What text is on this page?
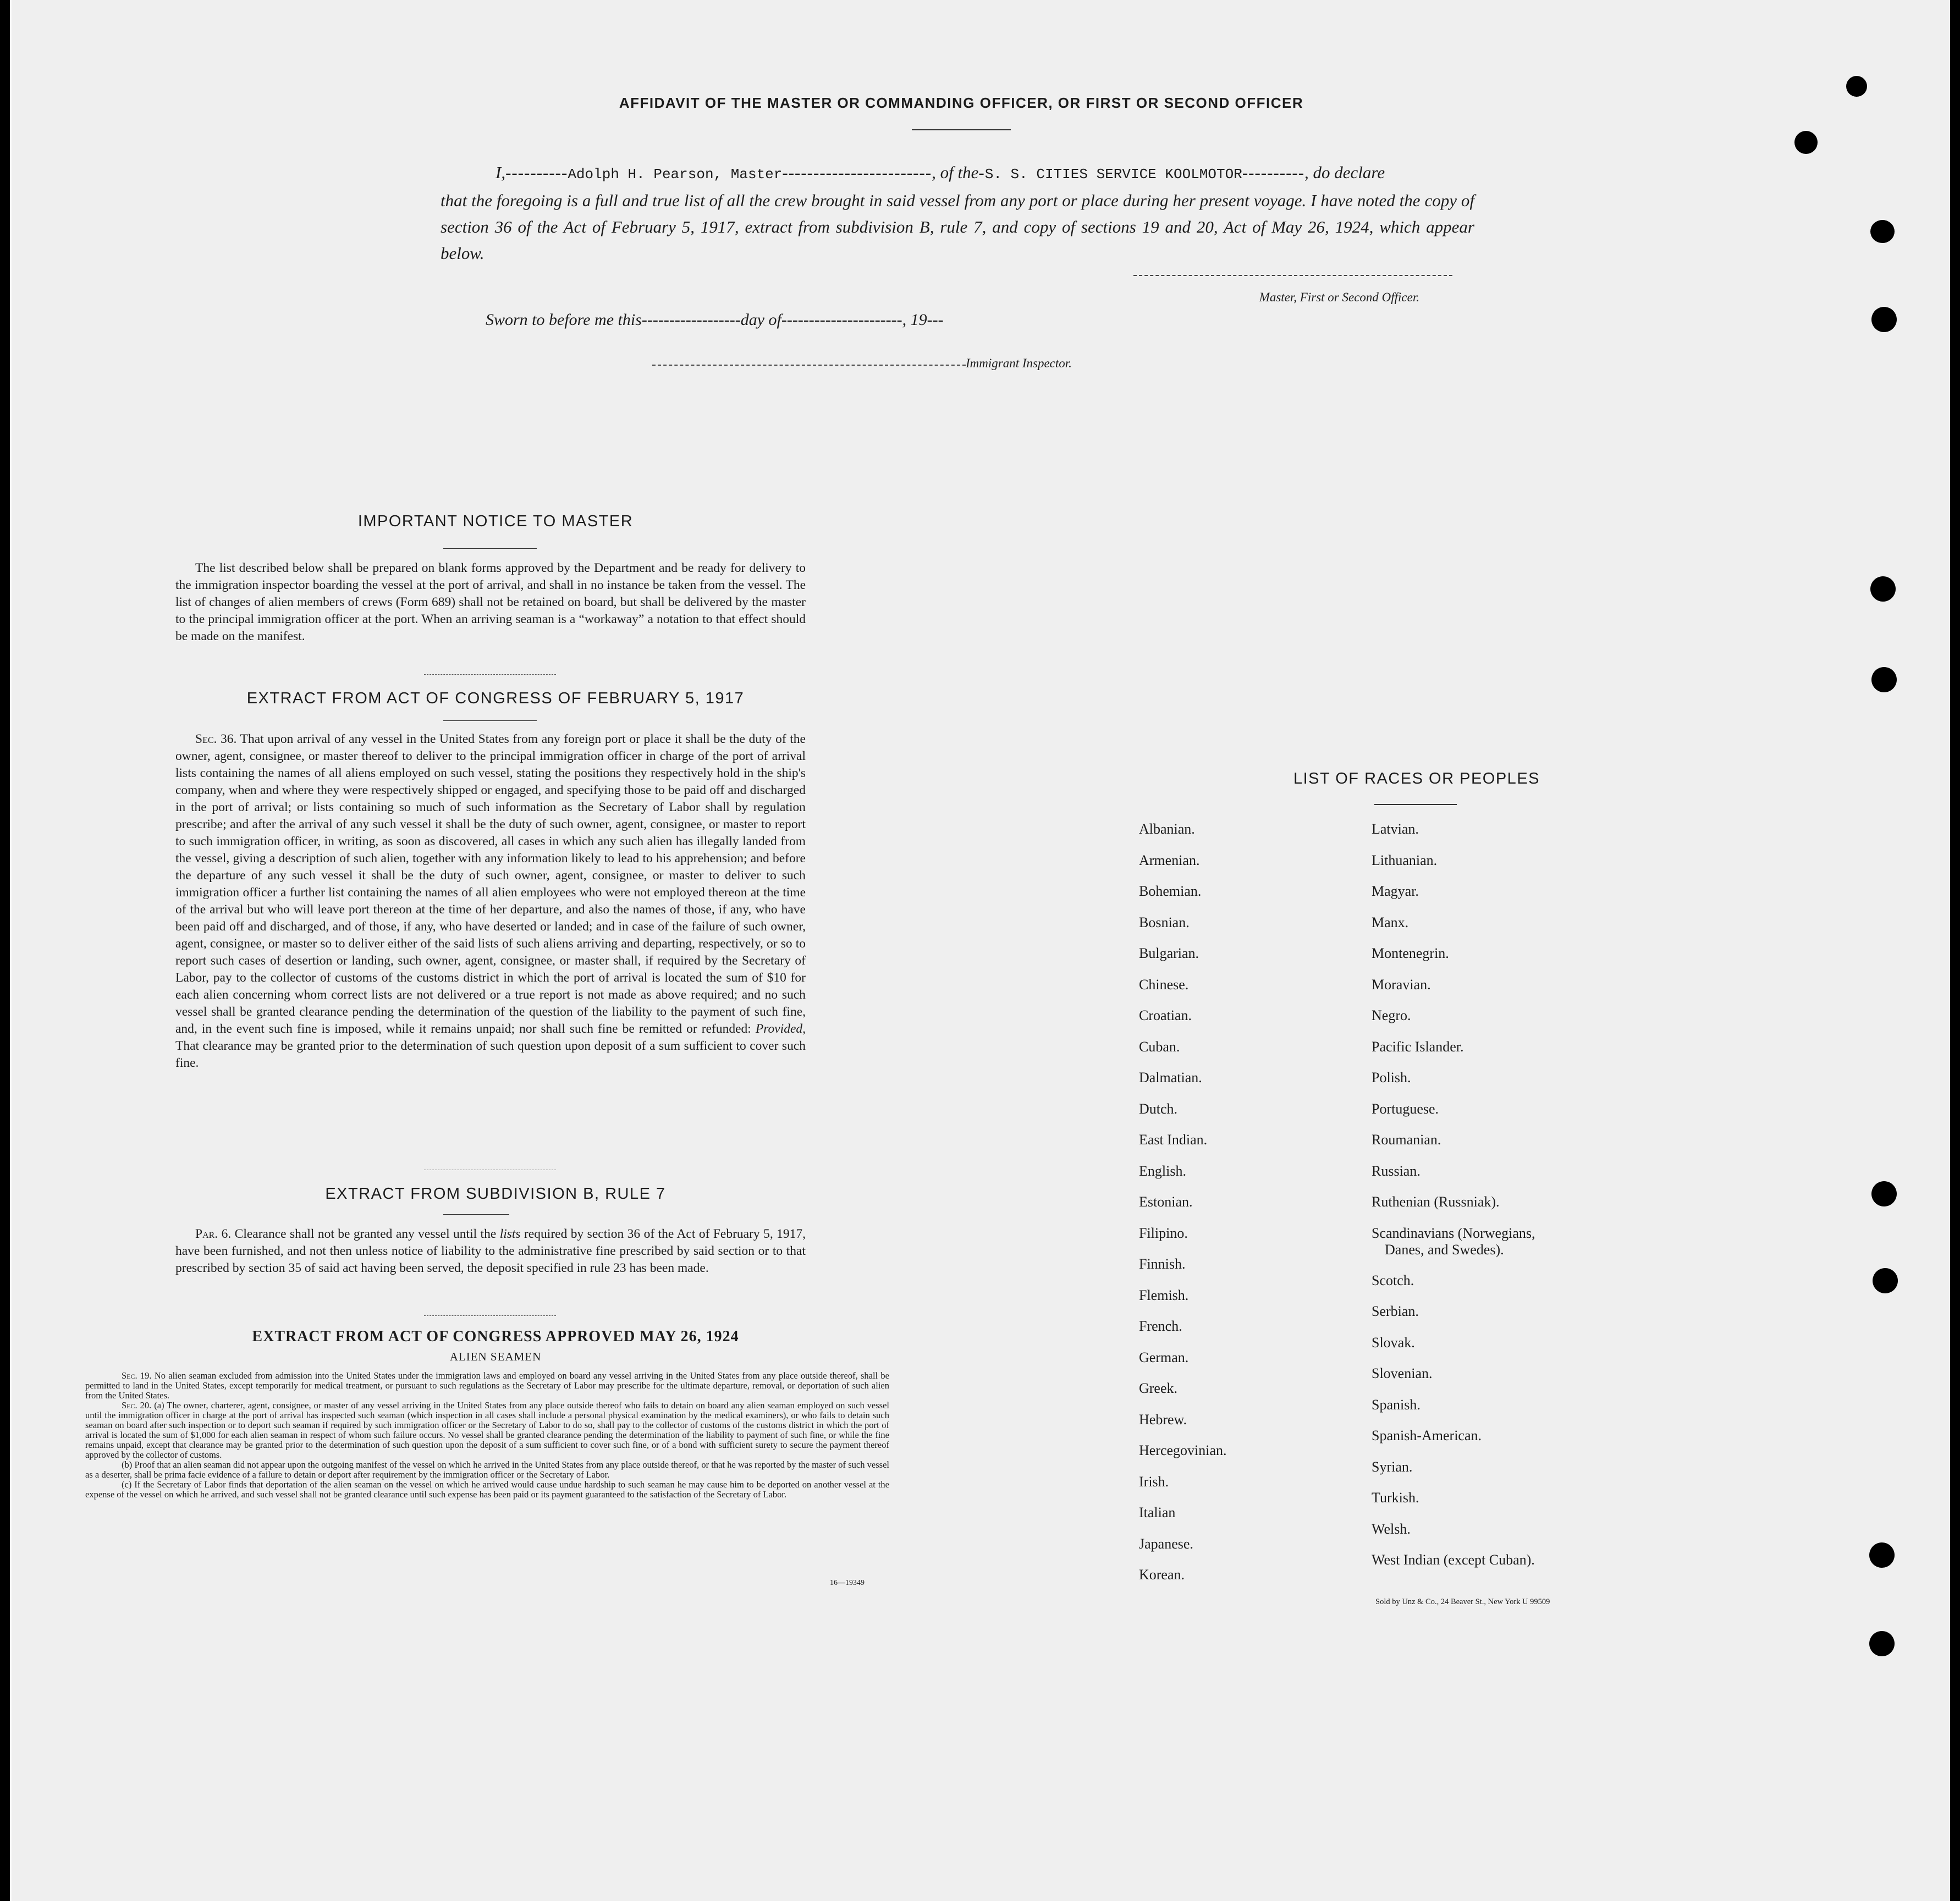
AFFIDAVIT OF THE MASTER OR COMMANDING OFFICER, OR FIRST OR SECOND OFFICER
I,----------Adolph H. Pearson, Master------------------------, of the-S. S. CITIES SERVICE KOOLMOTOR----------, do declare
that the foregoing is a full and true list of all the crew brought in said vessel from any port or place during her present voyage. I have noted the copy of section 36 of the Act of February 5, 1917, extract from subdivision B, rule 7, and copy of sections 19 and 20, Act of May 26, 1924, which appear below.
Master, First or Second Officer.
Sworn to before me this------------------day of----------------------, 19---
Immigrant Inspector.
IMPORTANT NOTICE TO MASTER
The list described below shall be prepared on blank forms approved by the Department and be ready for delivery to the immigration inspector boarding the vessel at the port of arrival, and shall in no instance be taken from the vessel. The list of changes of alien members of crews (Form 689) shall not be retained on board, but shall be delivered by the master to the principal immigration officer at the port. When an arriving seaman is a “workaway” a notation to that effect should be made on the manifest.
EXTRACT FROM ACT OF CONGRESS OF FEBRUARY 5, 1917
Sec. 36. That upon arrival of any vessel in the United States from any foreign port or place it shall be the duty of the owner, agent, consignee, or master thereof to deliver to the principal immigration officer in charge of the port of arrival lists containing the names of all aliens employed on such vessel, stating the positions they respectively hold in the ship's company, when and where they were respectively shipped or engaged, and specifying those to be paid off and discharged in the port of arrival; or lists containing so much of such information as the Secretary of Labor shall by regulation prescribe; and after the arrival of any such vessel it shall be the duty of such owner, agent, consignee, or master to report to such immigration officer, in writing, as soon as discovered, all cases in which any such alien has illegally landed from the vessel, giving a description of such alien, together with any information likely to lead to his apprehension; and before the departure of any such vessel it shall be the duty of such owner, agent, consignee, or master to deliver to such immigration officer a further list containing the names of all alien employees who were not employed thereon at the time of the arrival but who will leave port thereon at the time of her departure, and also the names of those, if any, who have been paid off and discharged, and of those, if any, who have deserted or landed; and in case of the failure of such owner, agent, consignee, or master so to deliver either of the said lists of such aliens arriving and departing, respectively, or so to report such cases of desertion or landing, such owner, agent, consignee, or master shall, if required by the Secretary of Labor, pay to the collector of customs of the customs district in which the port of arrival is located the sum of $10 for each alien concerning whom correct lists are not delivered or a true report is not made as above required; and no such vessel shall be granted clearance pending the determination of the question of the liability to the payment of such fine, and, in the event such fine is imposed, while it remains unpaid; nor shall such fine be remitted or refunded: Provided, That clearance may be granted prior to the determination of such question upon deposit of a sum sufficient to cover such fine.
EXTRACT FROM SUBDIVISION B, RULE 7
Par. 6. Clearance shall not be granted any vessel until the lists required by section 36 of the Act of February 5, 1917, have been furnished, and not then unless notice of liability to the administrative fine prescribed by said section or to that prescribed by section 35 of said act having been served, the deposit specified in rule 23 has been made.
EXTRACT FROM ACT OF CONGRESS APPROVED MAY 26, 1924
ALIEN SEAMEN
Sec. 19. No alien seaman excluded from admission into the United States under the immigration laws and employed on board any vessel arriving in the United States from any place outside thereof, shall be permitted to land in the United States, except temporarily for medical treatment, or pursuant to such regulations as the Secretary of Labor may prescribe for the ultimate departure, removal, or deportation of such alien from the United States.
Sec. 20. (a) The owner, charterer, agent, consignee, or master of any vessel arriving in the United States from any place outside thereof who fails to detain on board any alien seaman employed on such vessel until the immigration officer in charge at the port of arrival has inspected such seaman (which inspection in all cases shall include a personal physical examination by the medical examiners), or who fails to detain such seaman on board after such inspection or to deport such seaman if required by such immigration officer or the Secretary of Labor to do so, shall pay to the collector of customs of the customs district in which the port of arrival is located the sum of $1,000 for each alien seaman in respect of whom such failure occurs. No vessel shall be granted clearance pending the determination of the liability to payment of such fine, or while the fine remains unpaid, except that clearance may be granted prior to the determination of such question upon the deposit of a sum sufficient to cover such fine, or of a bond with sufficient surety to secure the payment thereof approved by the collector of customs.
(b) Proof that an alien seaman did not appear upon the outgoing manifest of the vessel on which he arrived in the United States from any place outside thereof, or that he was reported by the master of such vessel as a deserter, shall be prima facie evidence of a failure to detain or deport after requirement by the immigration officer or the Secretary of Labor.
(c) If the Secretary of Labor finds that deportation of the alien seaman on the vessel on which he arrived would cause undue hardship to such seaman he may cause him to be deported on another vessel at the expense of the vessel on which he arrived, and such vessel shall not be granted clearance until such expense has been paid or its payment guaranteed to the satisfaction of the Secretary of Labor.
16—19349
LIST OF RACES OR PEOPLES
Albanian.
Armenian.
Bohemian.
Bosnian.
Bulgarian.
Chinese.
Croatian.
Cuban.
Dalmatian.
Dutch.
East Indian.
English.
Estonian.
Filipino.
Finnish.
Flemish.
French.
German.
Greek.
Hebrew.
Hercegovinian.
Irish.
Italian
Japanese.
Korean.
Latvian.
Lithuanian.
Magyar.
Manx.
Montenegrin.
Moravian.
Negro.
Pacific Islander.
Polish.
Portuguese.
Roumanian.
Russian.
Ruthenian (Russniak).
Scandinavians (Norwegians,
Danes, and Swedes).
Scotch.
Serbian.
Slovak.
Slovenian.
Spanish.
Spanish-American.
Syrian.
Turkish.
Welsh.
West Indian (except Cuban).
Sold by Unz & Co., 24 Beaver St., New York U 99509
